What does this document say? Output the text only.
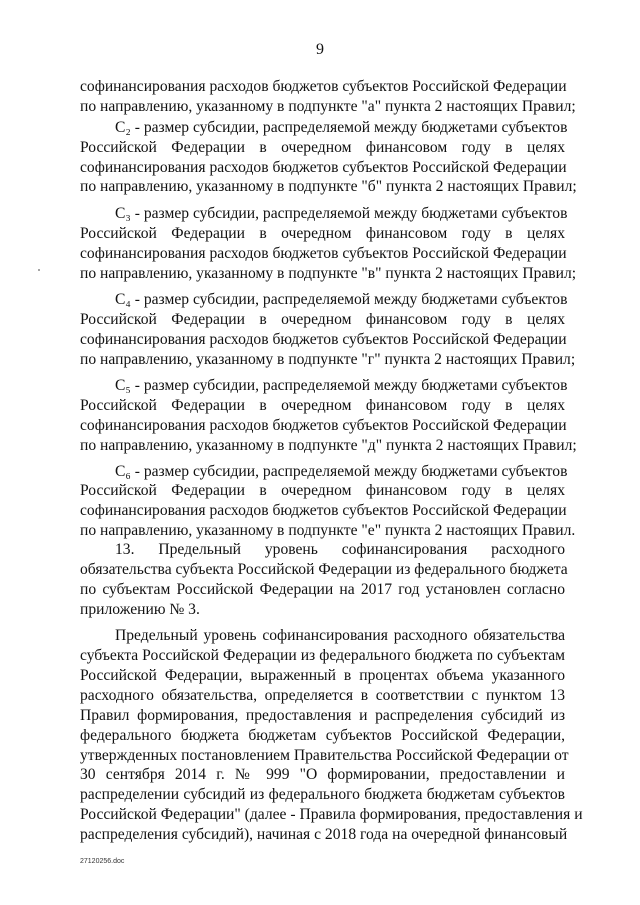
9
софинансирования расходов бюджетов субъектов Российской Федерации
по направлению, указанному в подпункте "а" пункта 2 настоящих Правил;
C₂ - размер субсидии, распределяемой между бюджетами субъектов
Российской Федерации в очередном финансовом году в целях
софинансирования расходов бюджетов субъектов Российской Федерации
по направлению, указанному в подпункте "б" пункта 2 настоящих Правил;
C₃ - размер субсидии, распределяемой между бюджетами субъектов
Российской Федерации в очередном финансовом году в целях
софинансирования расходов бюджетов субъектов Российской Федерации
по направлению, указанному в подпункте "в" пункта 2 настоящих Правил;
C₄ - размер субсидии, распределяемой между бюджетами субъектов
Российской Федерации в очередном финансовом году в целях
софинансирования расходов бюджетов субъектов Российской Федерации
по направлению, указанному в подпункте "г" пункта 2 настоящих Правил;
C₅ - размер субсидии, распределяемой между бюджетами субъектов
Российской Федерации в очередном финансовом году в целях
софинансирования расходов бюджетов субъектов Российской Федерации
по направлению, указанному в подпункте "д" пункта 2 настоящих Правил;
C₆ - размер субсидии, распределяемой между бюджетами субъектов
Российской Федерации в очередном финансовом году в целях
софинансирования расходов бюджетов субъектов Российской Федерации
по направлению, указанному в подпункте "е" пункта 2 настоящих Правил.
13. Предельный уровень софинансирования расходного
обязательства субъекта Российской Федерации из федерального бюджета
по субъектам Российской Федерации на 2017 год установлен согласно
приложению № 3.
Предельный уровень софинансирования расходного обязательства
субъекта Российской Федерации из федерального бюджета по субъектам
Российской Федерации, выраженный в процентах объема указанного
расходного обязательства, определяется в соответствии с пунктом 13
Правил формирования, предоставления и распределения субсидий из
федерального бюджета бюджетам субъектов Российской Федерации,
утвержденных постановлением Правительства Российской Федерации от
30 сентября 2014 г. № 999 "О формировании, предоставлении и
распределении субсидий из федерального бюджета бюджетам субъектов
Российской Федерации" (далее - Правила формирования, предоставления и
распределения субсидий), начиная с 2018 года на очередной финансовый
27120256.doc
